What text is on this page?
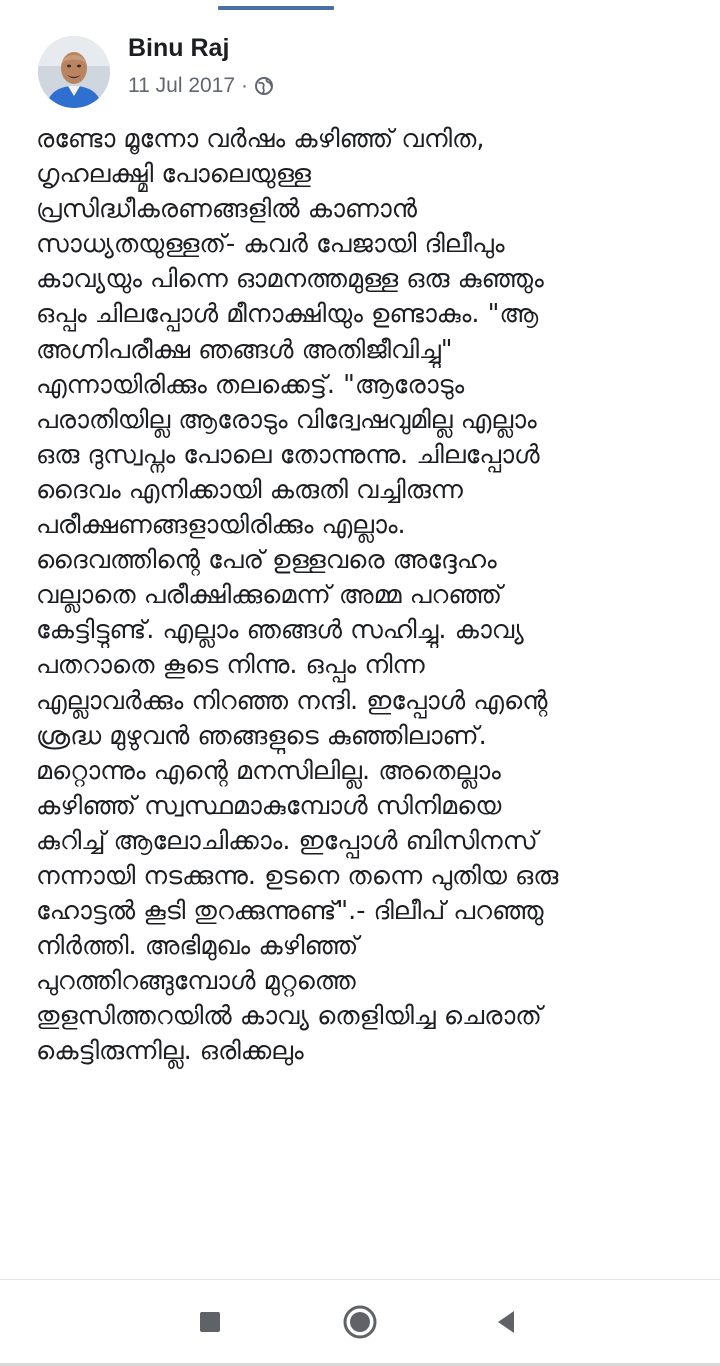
Binu Raj
11 Jul 2017 ·
രണ്ടോ മൂന്നോ വർഷം കഴിഞ്ഞ് വനിത,
ഗൃഹലക്ഷ്മി പോലെയുള്ള
പ്രസിദ്ധീകരണങ്ങളിൽ കാണാൻ
സാധ്യതയുള്ളത്- കവർ പേജായി ദിലീപും
കാവ്യയും പിന്നെ ഓമനത്തമുള്ള ഒരു കുഞ്ഞും
ഒപ്പം ചിലപ്പോൾ മീനാക്ഷിയും ഉണ്ടാകും. "ആ
അഗ്നിപരീക്ഷ ഞങ്ങൾ അതിജീവിച്ചു"
എന്നായിരിക്കും തലക്കെട്ട്. "ആരോടും
പരാതിയില്ല ആരോടും വിദ്വേഷവുമില്ല എല്ലാം
ഒരു ദുസ്വപ്നം പോലെ തോന്നുന്നു. ചിലപ്പോൾ
ദൈവം എനിക്കായി കരുതി വച്ചിരുന്ന
പരീക്ഷണങ്ങളായിരിക്കും എല്ലാം.
ദൈവത്തിന്റെ പേര് ഉള്ളവരെ അദ്ദേഹം
വല്ലാതെ പരീക്ഷിക്കുമെന്ന് അമ്മ പറഞ്ഞ്
കേട്ടിട്ടുണ്ട്. എല്ലാം ഞങ്ങൾ സഹിച്ചു. കാവ്യ
പതറാതെ കൂടെ നിന്നു. ഒപ്പം നിന്ന
എല്ലാവർക്കും നിറഞ്ഞ നന്ദി. ഇപ്പോൾ എന്റെ
ശ്രദ്ധ മുഴുവൻ ഞങ്ങളുടെ കുഞ്ഞിലാണ്.
മറ്റൊന്നും എന്റെ മനസിലില്ല. അതെല്ലാം
കഴിഞ്ഞ് സ്വസ്ഥമാകുമ്പോൾ സിനിമയെ
കുറിച്ച് ആലോചിക്കാം. ഇപ്പോൾ ബിസിനസ്
നന്നായി നടക്കുന്നു. ഉടനെ തന്നെ പുതിയ ഒരു
ഹോട്ടൽ കൂടി തുറക്കുന്നുണ്ട്".- ദിലീപ് പറഞ്ഞു
നിർത്തി. അഭിമുഖം കഴിഞ്ഞ്
പുറത്തിറങ്ങുമ്പോൾ മുറ്റത്തെ
തുളസിത്തറയിൽ കാവ്യ തെളിയിച്ച ചെരാത്
കെട്ടിരുന്നില്ല. ഒരിക്കലും
